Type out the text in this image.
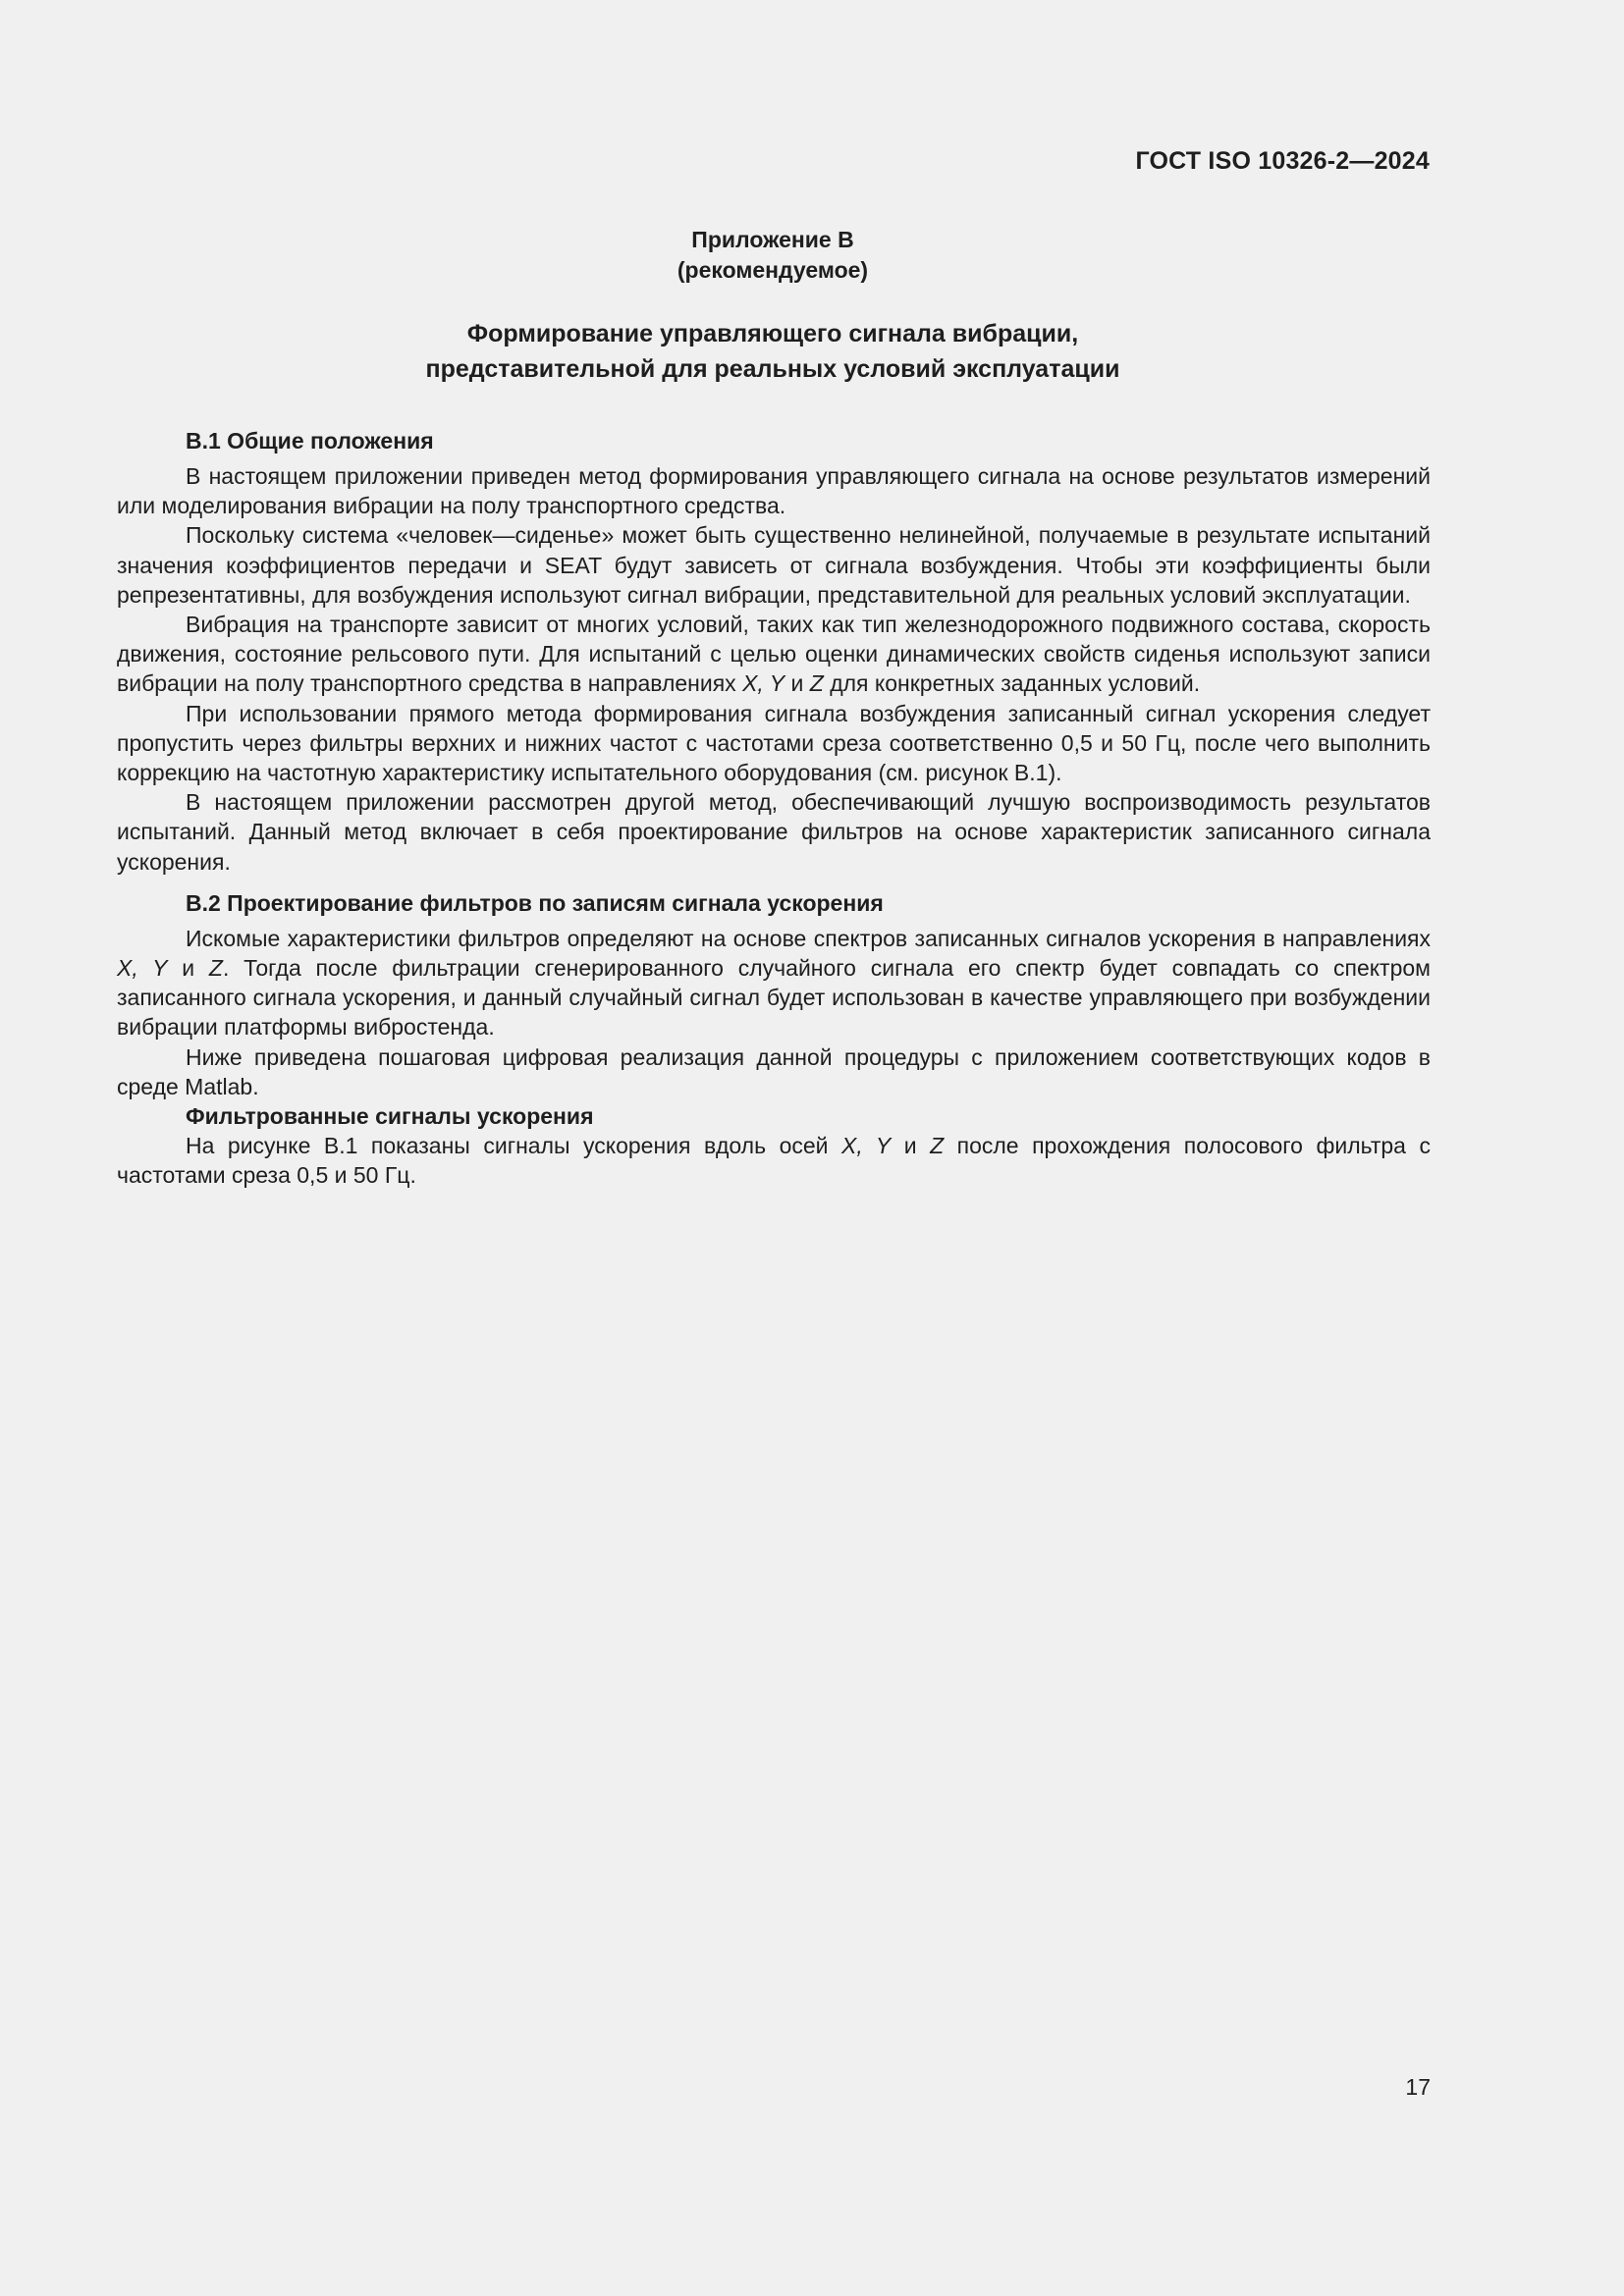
ГОСТ ISO 10326-2—2024
Приложение В
(рекомендуемое)
Формирование управляющего сигнала вибрации,
представительной для реальных условий эксплуатации
В.1 Общие положения

В настоящем приложении приведен метод формирования управляющего сигнала на основе результатов измерений или моделирования вибрации на полу транспортного средства.

Поскольку система «человек—сиденье» может быть существенно нелинейной, получаемые в результате испытаний значения коэффициентов передачи и SEAT будут зависеть от сигнала возбуждения. Чтобы эти коэффициенты были репрезентативны, для возбуждения используют сигнал вибрации, представительной для реальных условий эксплуатации.

Вибрация на транспорте зависит от многих условий, таких как тип железнодорожного подвижного состава, скорость движения, состояние рельсового пути. Для испытаний с целью оценки динамических свойств сиденья используют записи вибрации на полу транспортного средства в направлениях X, Y и Z для конкретных заданных условий.

При использовании прямого метода формирования сигнала возбуждения записанный сигнал ускорения следует пропустить через фильтры верхних и нижних частот с частотами среза соответственно 0,5 и 50 Гц, после чего выполнить коррекцию на частотную характеристику испытательного оборудования (см. рисунок В.1).

В настоящем приложении рассмотрен другой метод, обеспечивающий лучшую воспроизводимость результатов испытаний. Данный метод включает в себя проектирование фильтров на основе характеристик записанного сигнала ускорения.

В.2 Проектирование фильтров по записям сигнала ускорения

Искомые характеристики фильтров определяют на основе спектров записанных сигналов ускорения в направлениях X, Y и Z. Тогда после фильтрации сгенерированного случайного сигнала его спектр будет совпадать со спектром записанного сигнала ускорения, и данный случайный сигнал будет использован в качестве управляющего при возбуждении вибрации платформы вибростенда.

Ниже приведена пошаговая цифровая реализация данной процедуры с приложением соответствующих кодов в среде Matlab.

Фильтрованные сигналы ускорения

На рисунке В.1 показаны сигналы ускорения вдоль осей X, Y и Z после прохождения полосового фильтра с частотами среза 0,5 и 50 Гц.

17
